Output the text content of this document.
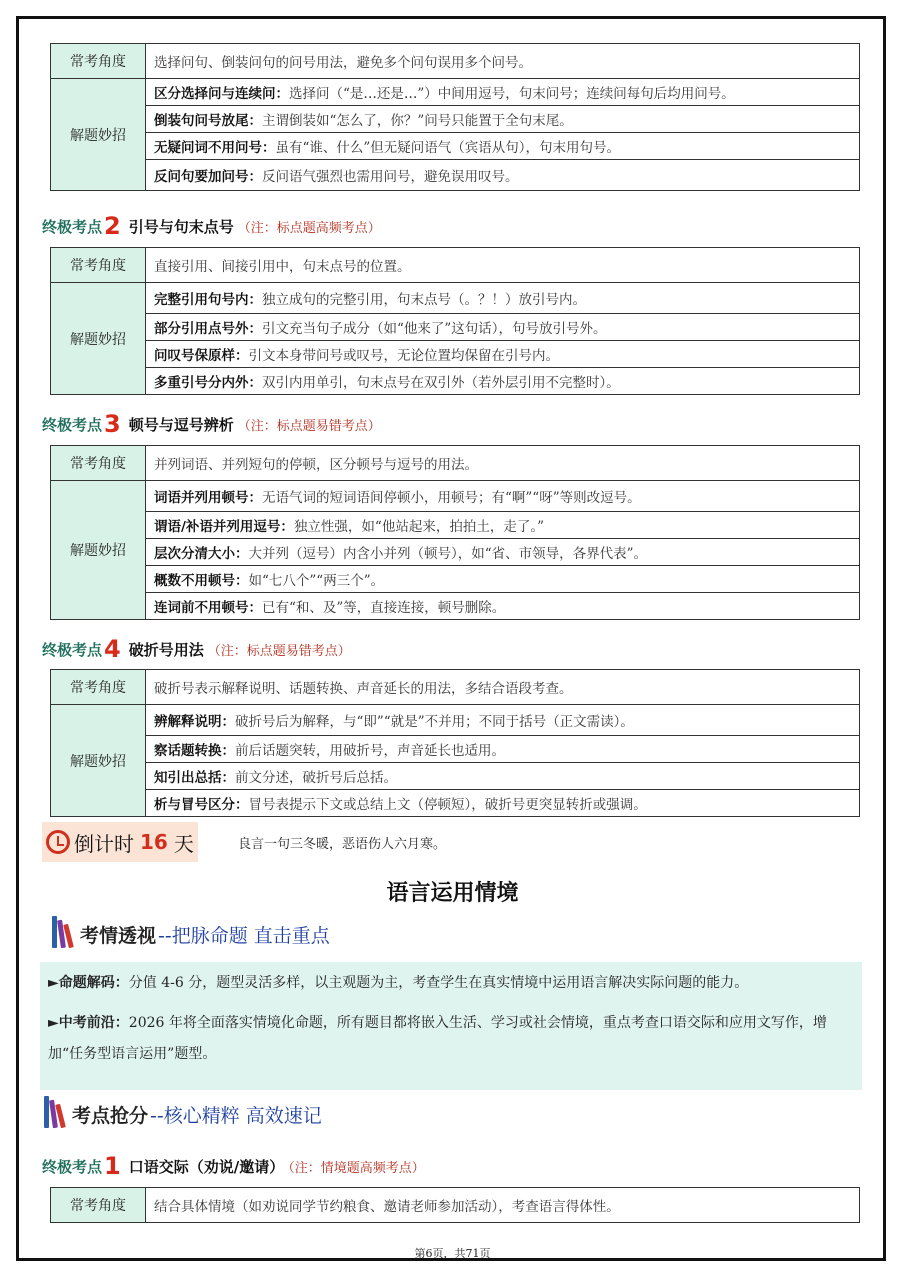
常考角度	选择问句、倒装问句的问号用法，避免多个问句误用多个问号。
解题妙招	区分选择问与连续问：选择问（“是…还是…”）中间用逗号，句末问号；连续问每句后均用问号。
	倒装句问号放尾：主谓倒装如“怎么了，你？”问号只能置于全句末尾。
	无疑问词不用问号：虽有“谁、什么”但无疑问语气（宾语从句），句末用句号。
	反问句要加问号：反问语气强烈也需用问号，避免误用叹号。
终极考点2 引号与句末点号 （注：标点题高频考点）
常考角度	直接引用、间接引用中，句末点号的位置。
解题妙招	完整引用句号内：独立成句的完整引用，句末点号（。？！）放引号内。
	部分引用点号外：引文充当句子成分（如“他来了”这句话），句号放引号外。
	问叹号保原样：引文本身带问号或叹号，无论位置均保留在引号内。
	多重引号分内外：双引内用单引，句末点号在双引外（若外层引用不完整时）。
终极考点3 顿号与逗号辨析 （注：标点题易错考点）
常考角度	并列词语、并列短句的停顿，区分顿号与逗号的用法。
解题妙招	词语并列用顿号：无语气词的短词语间停顿小，用顿号；有“啊”“呀”等则改逗号。
	谓语/补语并列用逗号：独立性强，如“他站起来，拍拍土，走了。”
	层次分清大小：大并列（逗号）内含小并列（顿号），如“省、市领导，各界代表”。
	概数不用顿号：如“七八个”“两三个”。
	连词前不用顿号：已有“和、及”等，直接连接，顿号删除。
终极考点4 破折号用法 （注：标点题易错考点）
常考角度	破折号表示解释说明、话题转换、声音延长的用法，多结合语段考查。
解题妙招	辨解释说明：破折号后为解释，与“即”“就是”不并用；不同于括号（正文需读）。
	察话题转换：前后话题突转，用破折号，声音延长也适用。
	知引出总括：前文分述，破折号后总括。
	析与冒号区分：冒号表提示下文或总结上文（停顿短），破折号更突显转折或强调。
倒计时 16 天	良言一句三冬暖，恶语伤人六月寒。
语言运用情境
考情透视 --把脉命题 直击重点

►命题解码：分值 4-6 分，题型灵活多样，以主观题为主，考查学生在真实情境中运用语言解决实际问题的能力。

►中考前沿：2026 年将全面落实情境化命题，所有题目都将嵌入生活、学习或社会情境，重点考查口语交际和应用文写作，增加“任务型语言运用”题型。

考点抢分 --核心精粹 高效速记
终极考点1 口语交际（劝说/邀请） （注：情境题高频考点）
常考角度	结合具体情境（如劝说同学节约粮食、邀请老师参加活动），考查语言得体性。
第6页，共71页
